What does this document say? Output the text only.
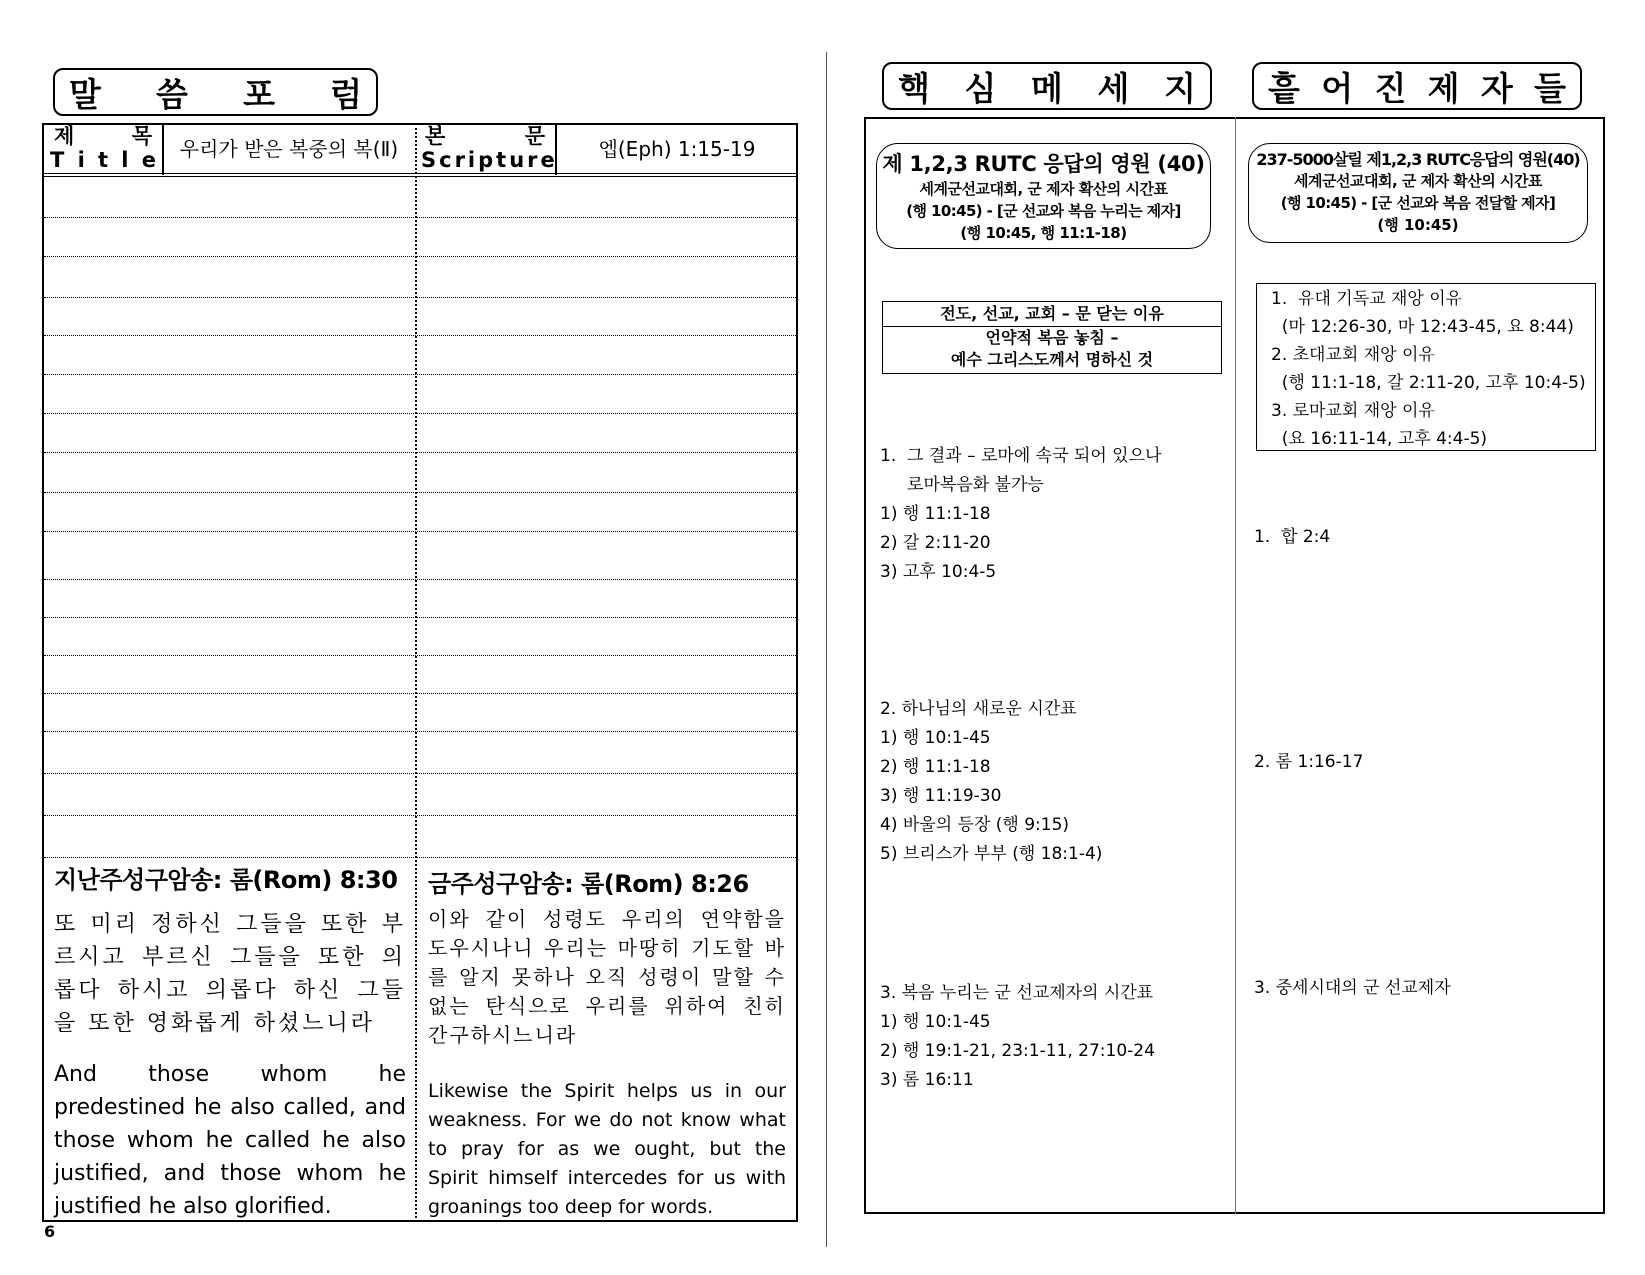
말 씀 포 럼
제	목
T i t l e	우리가 받은 복중의 복(Ⅱ)
본	문
Scripture	엡(Eph) 1:15-19
지난주성구암송: 롬(Rom) 8:30
또 미리 정하신 그들을 또한 부르시고 부르신 그들을 또한 의롭다 하시고 의롭다 하신 그들을 또한 영화롭게 하셨느니라
And those whom he predestined he also called, and those whom he called he also justified, and those whom he justified he also glorified.
금주성구암송: 롬(Rom) 8:26
이와 같이 성령도 우리의 연약함을 도우시나니 우리는 마땅히 기도할 바를 알지 못하나 오직 성령이 말할 수 없는 탄식으로 우리를 위하여 친히 간구하시느니라
Likewise the Spirit helps us in our weakness. For we do not know what to pray for as we ought, but the Spirit himself intercedes for us with groanings too deep for words.
6
핵 심 메 세 지 흩 어 진 제 자 들
제 1,2,3 RUTC 응답의 영원 (40)
세계군선교대회, 군 제자 확산의 시간표
(행 10:45) - [군 선교와 복음 누리는 제자]
(행 10:45, 행 11:1-18)
전도, 선교, 교회 – 문 닫는 이유
언약적 복음 놓침 –
예수 그리스도께서 명하신 것
1.  그 결과 – 로마에 속국 되어 있으나
로마복음화 불가능
1) 행 11:1-18
2) 갈 2:11-20
3) 고후 10:4-5
2. 하나님의 새로운 시간표
1) 행 10:1-45
2) 행 11:1-18
3) 행 11:19-30
4) 바울의 등장 (행 9:15)
5) 브리스가 부부 (행 18:1-4)
3. 복음 누리는 군 선교제자의 시간표
1) 행 10:1-45
2) 행 19:1-21, 23:1-11, 27:10-24
3) 롬 16:11
237-5000살릴 제1,2,3 RUTC응답의 영원(40)
세계군선교대회, 군 제자 확산의 시간표
(행 10:45) - [군 선교와 복음 전달할 제자]
(행 10:45)
1.  유대 기독교 재앙 이유
(마 12:26-30, 마 12:43-45, 요 8:44)
2. 초대교회 재앙 이유
(행 11:1-18, 갈 2:11-20, 고후 10:4-5)
3. 로마교회 재앙 이유
(요 16:11-14, 고후 4:4-5)
1.  합 2:4
2. 롬 1:16-17
3. 중세시대의 군 선교제자
